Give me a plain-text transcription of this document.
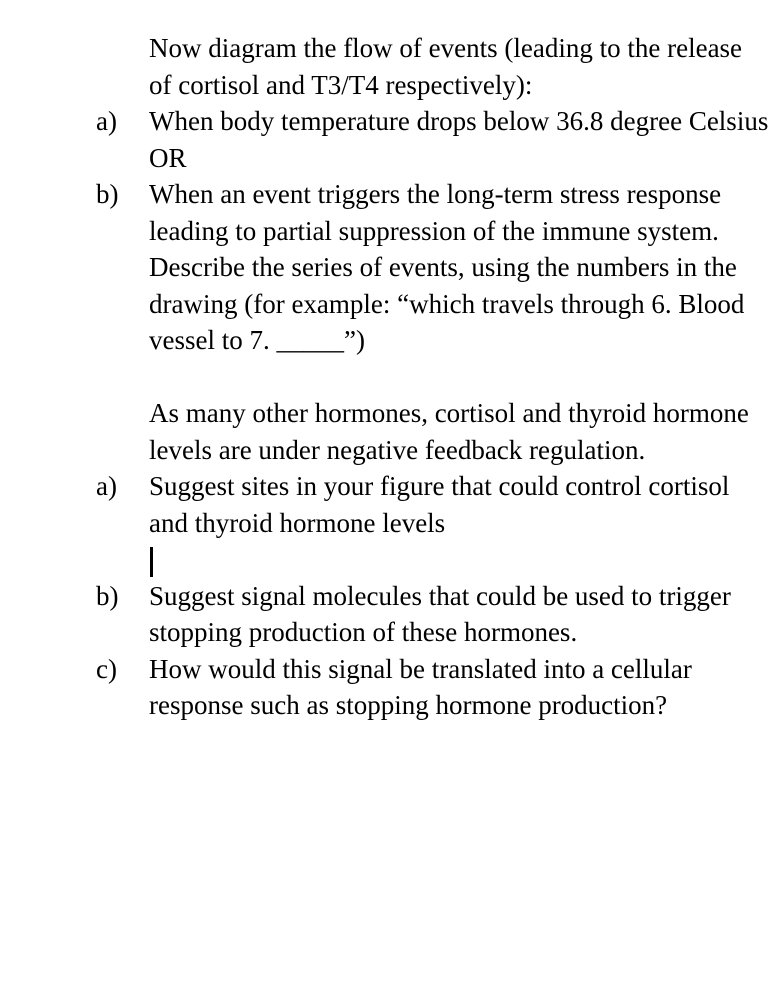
Now diagram the flow of events (leading to the release of cortisol and T3/T4 respectively):
a)	When body temperature drops below 36.8 degree Celsius OR
b)	When an event triggers the long-term stress response leading to partial suppression of the immune system.
Describe the series of events, using the numbers in the drawing (for example: “which travels through 6. Blood vessel to 7. _____”)
As many other hormones, cortisol and thyroid hormone levels are under negative feedback regulation.
a)	Suggest sites in your figure that could control cortisol and thyroid hormone levels
b)	Suggest signal molecules that could be used to trigger stopping production of these hormones.
c)	How would this signal be translated into a cellular response such as stopping hormone production?
